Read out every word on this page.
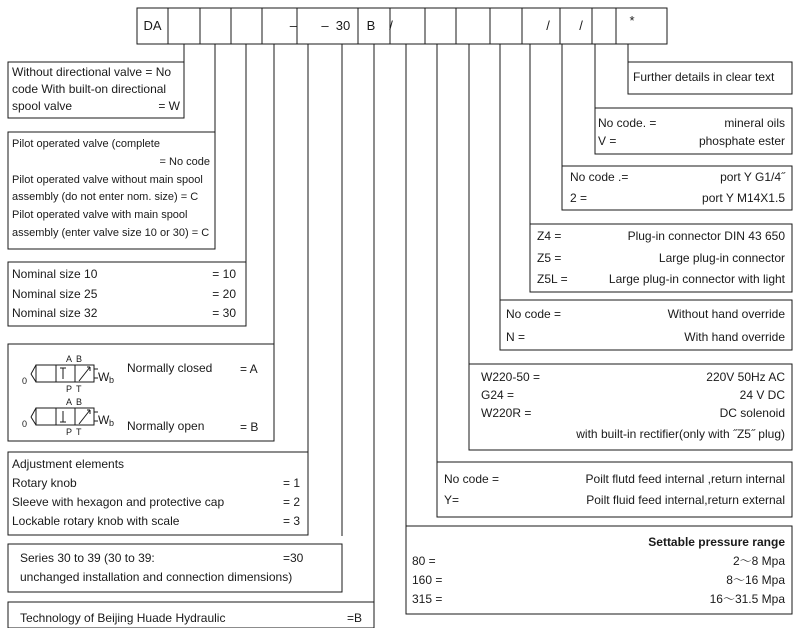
DA	– – 30	B	/	/	/	*
Without directional valve = No
code With built-on directional
spool valve	= W
Pilot operated valve (complete
= No code
Pilot operated valve without main spool
assembly (do not enter nom. size) = C
Pilot operated valve with main spool
assembly (enter valve size 10 or 30) = C
Nominal size 10	= 10
Nominal size 25	= 20
Nominal size 32	= 30
A B
0	W b
P T
Normally closed = A
A B
0	W b
P T	Normally open	= B
Adjustment elements
Rotary knob	= 1
Sleeve with hexagon and protective cap	= 2
Lockable rotary knob with scale	= 3
Series 30 to 39 (30 to 39:	=30
unchanged installation and connection dimensions)
Technology of Beijing Huade Hydraulic	=B
Further details in clear text
No code. =	mineral oils
V =	phosphate ester
No code .=	port Y G1/4˝
2 =	port Y M14X1.5
Z4 =	Plug-in connector DIN 43 650
Z5 =	Large plug-in connector
Z5L =	Large plug-in connector with light
No code =	Without hand override
N =	With hand override
W220-50 =	220V 50Hz AC
G24 =	24 V DC
W220R =	DC solenoid
with built-in rectifier(only with ˝Z5˝ plug)
No code =	Poilt flutd feed internal ,return internal
Y=	Poilt fluid feed internal,return external
Settable pressure range
80 =	2～8 Mpa
160 =	8～16 Mpa
315 =	16～31.5 Mpa
